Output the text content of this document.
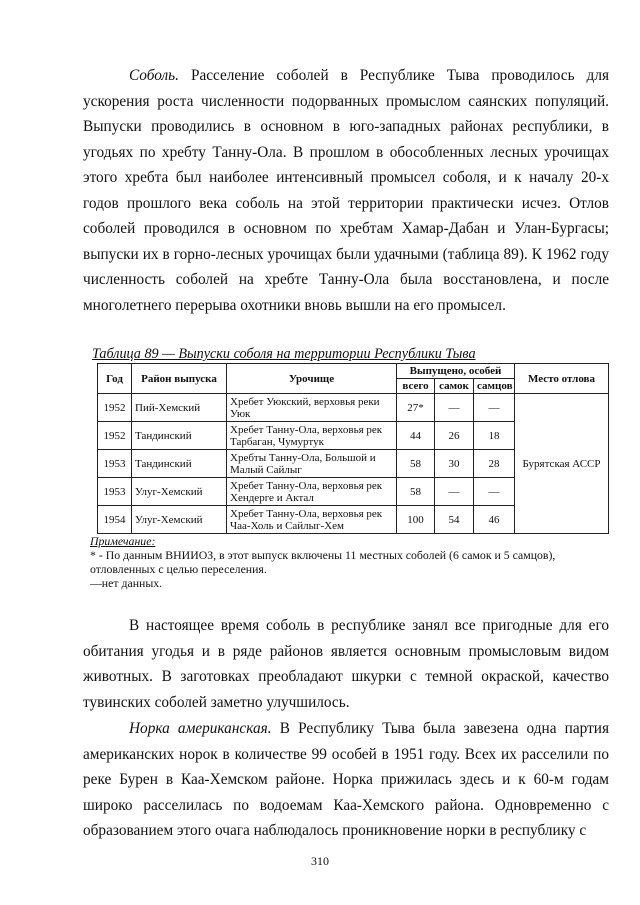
Соболь. Расселение соболей в Республике Тыва проводилось для ускорения роста численности подорванных промыслом саянских популяций. Выпуски проводились в основном в юго-западных районах республики, в угодьях по хребту Танну-Ола. В прошлом в обособленных лесных урочищах этого хребта был наиболее интенсивный промысел соболя, и к началу 20-х годов прошлого века соболь на этой территории практически исчез. Отлов соболей проводился в основном по хребтам Хамар-Дабан и Улан-Бургасы; выпуски их в горно-лесных урочищах были удачными (таблица 89). К 1962 году численность соболей на хребте Танну-Ола была восстановлена, и после многолетнего перерыва охотники вновь вышли на его промысел.

Таблица 89 — Выпуски соболя на территории Республики Тыва
Год	Район выпуска	Урочище	Выпущено, особей			Место отлова
			всего	самок	самцов	
1952	Пий-Хемский	Хребет Уюкский, верховья реки Уюк	27*	—	—	Бурятская АССР
1952	Тандинский	Хребет Танну-Ола, верховья рек Тарбаган, Чумуртук	44	26	18	
1953	Тандинский	Хребты Танну-Ола, Большой и Малый Сайлыг	58	30	28	
1953	Улуг-Хемский	Хребет Танну-Ола, верховья рек Хендерге и Актал	58	—	—	
1954	Улуг-Хемский	Хребет Танну-Ола, верховья рек Чаа-Холь и Сайлыг-Хем	100	54	46	
Примечание:
* - По данным ВНИИОЗ, в этот выпуск включены 11 местных соболей (6 самок и 5 самцов), отловленных с целью переселения.
—нет данных.

В настоящее время соболь в республике занял все пригодные для его обитания угодья и в ряде районов является основным промысловым видом животных. В заготовках преобладают шкурки с темной окраской, качество тувинских соболей заметно улучшилось.

Норка американская. В Республику Тыва была завезена одна партия американских норок в количестве 99 особей в 1951 году. Всех их расселили по реке Бурен в Каа-Хемском районе. Норка прижилась здесь и к 60-м годам широко расселилась по водоемам Каа-Хемского района. Одновременно с образованием этого очага наблюдалось проникновение норки в республику с

310
